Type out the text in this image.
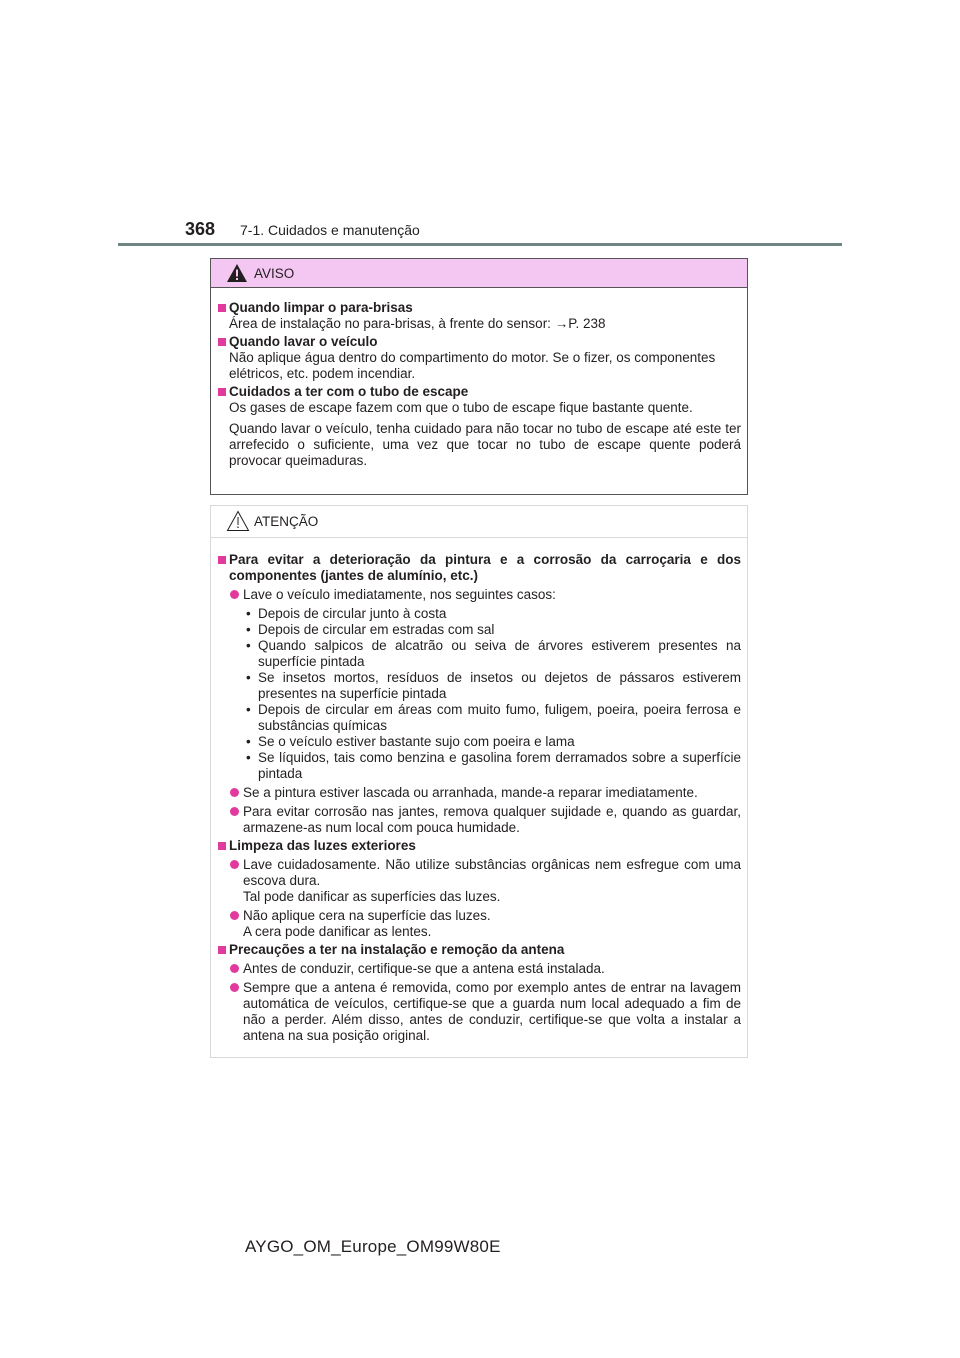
368 7-1. Cuidados e manutenção
AVISO
Quando limpar o para-brisas

Área de instalação no para-brisas, à frente do sensor: →P. 238

Quando lavar o veículo

Não aplique água dentro do compartimento do motor. Se o fizer, os componentes elétricos, etc. podem incendiar.

Cuidados a ter com o tubo de escape

Os gases de escape fazem com que o tubo de escape fique bastante quente.

Quando lavar o veículo, tenha cuidado para não tocar no tubo de escape até este ter arrefecido o suficiente, uma vez que tocar no tubo de escape quente poderá provocar queimaduras.

ATENÇÃO
Para evitar a deterioração da pintura e a corrosão da carroçaria e dos componentes (jantes de alumínio, etc.)
Lave o veículo imediatamente, nos seguintes casos:
• Depois de circular junto à costa
• Depois de circular em estradas com sal
• Quando salpicos de alcatrão ou seiva de árvores estiverem presentes na superfície pintada
• Se insetos mortos, resíduos de insetos ou dejetos de pássaros estiverem presentes na superfície pintada
• Depois de circular em áreas com muito fumo, fuligem, poeira, poeira ferrosa e substâncias químicas
• Se o veículo estiver bastante sujo com poeira e lama
• Se líquidos, tais como benzina e gasolina forem derramados sobre a superfície pintada
Se a pintura estiver lascada ou arranhada, mande-a reparar imediatamente.
Para evitar corrosão nas jantes, remova qualquer sujidade e, quando as guardar, armazene-as num local com pouca humidade.
Limpeza das luzes exteriores
Lave cuidadosamente. Não utilize substâncias orgânicas nem esfregue com uma escova dura.
Tal pode danificar as superfícies das luzes.
Não aplique cera na superfície das luzes.
A cera pode danificar as lentes.
Precauções a ter na instalação e remoção da antena
Antes de conduzir, certifique-se que a antena está instalada.
Sempre que a antena é removida, como por exemplo antes de entrar na lavagem automática de veículos, certifique-se que a guarda num local adequado a fim de não a perder. Além disso, antes de conduzir, certifique-se que volta a instalar a antena na sua posição original.
AYGO_OM_Europe_OM99W80E
